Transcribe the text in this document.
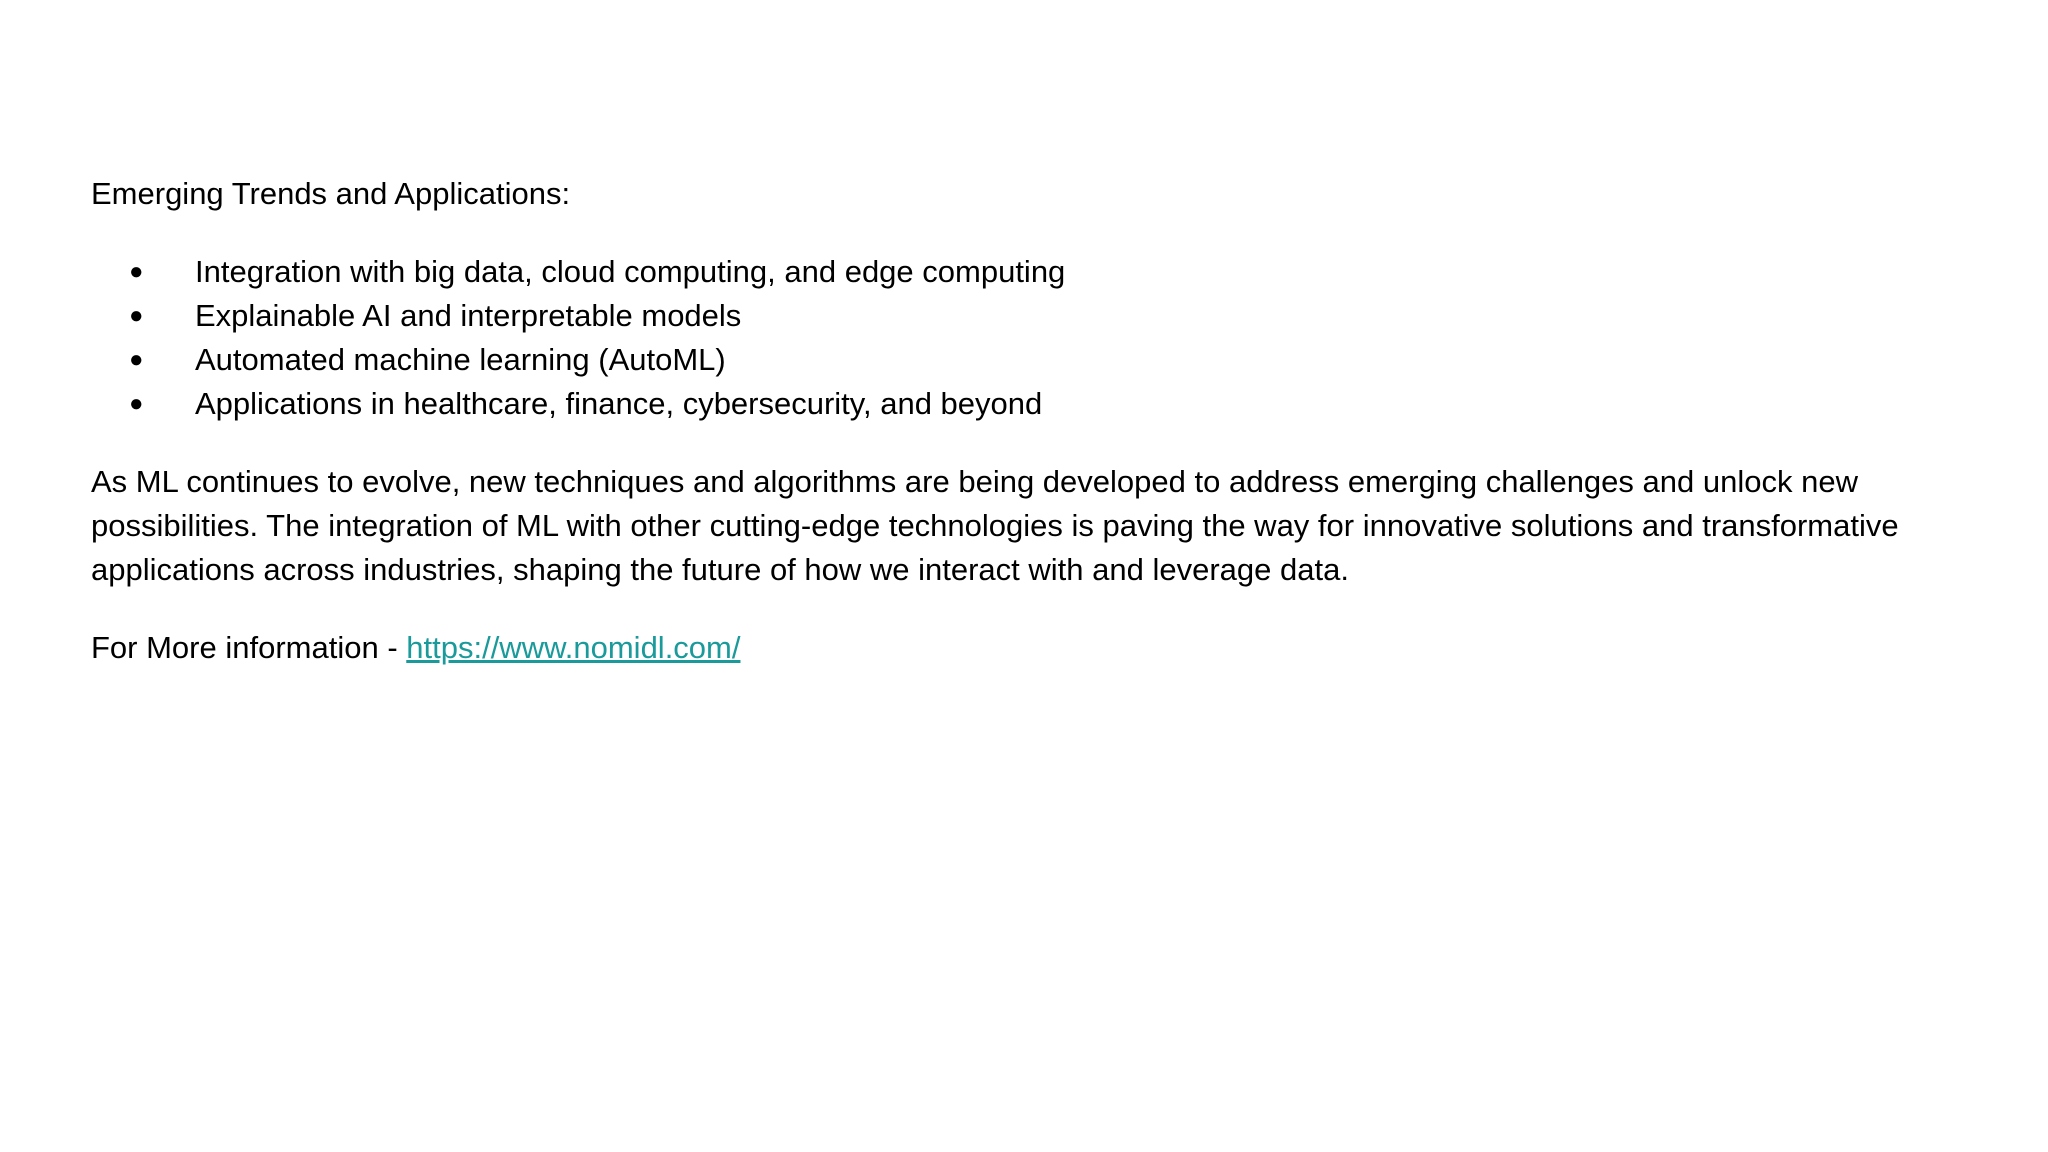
Emerging Trends and Applications:

● Integration with big data, cloud computing, and edge computing
● Explainable AI and interpretable models
● Automated machine learning (AutoML)
● Applications in healthcare, finance, cybersecurity, and beyond

As ML continues to evolve, new techniques and algorithms are being developed to address emerging challenges and unlock new possibilities. The integration of ML with other cutting-edge technologies is paving the way for innovative solutions and transformative applications across industries, shaping the future of how we interact with and leverage data.

For More information - https://www.nomidl.com/
